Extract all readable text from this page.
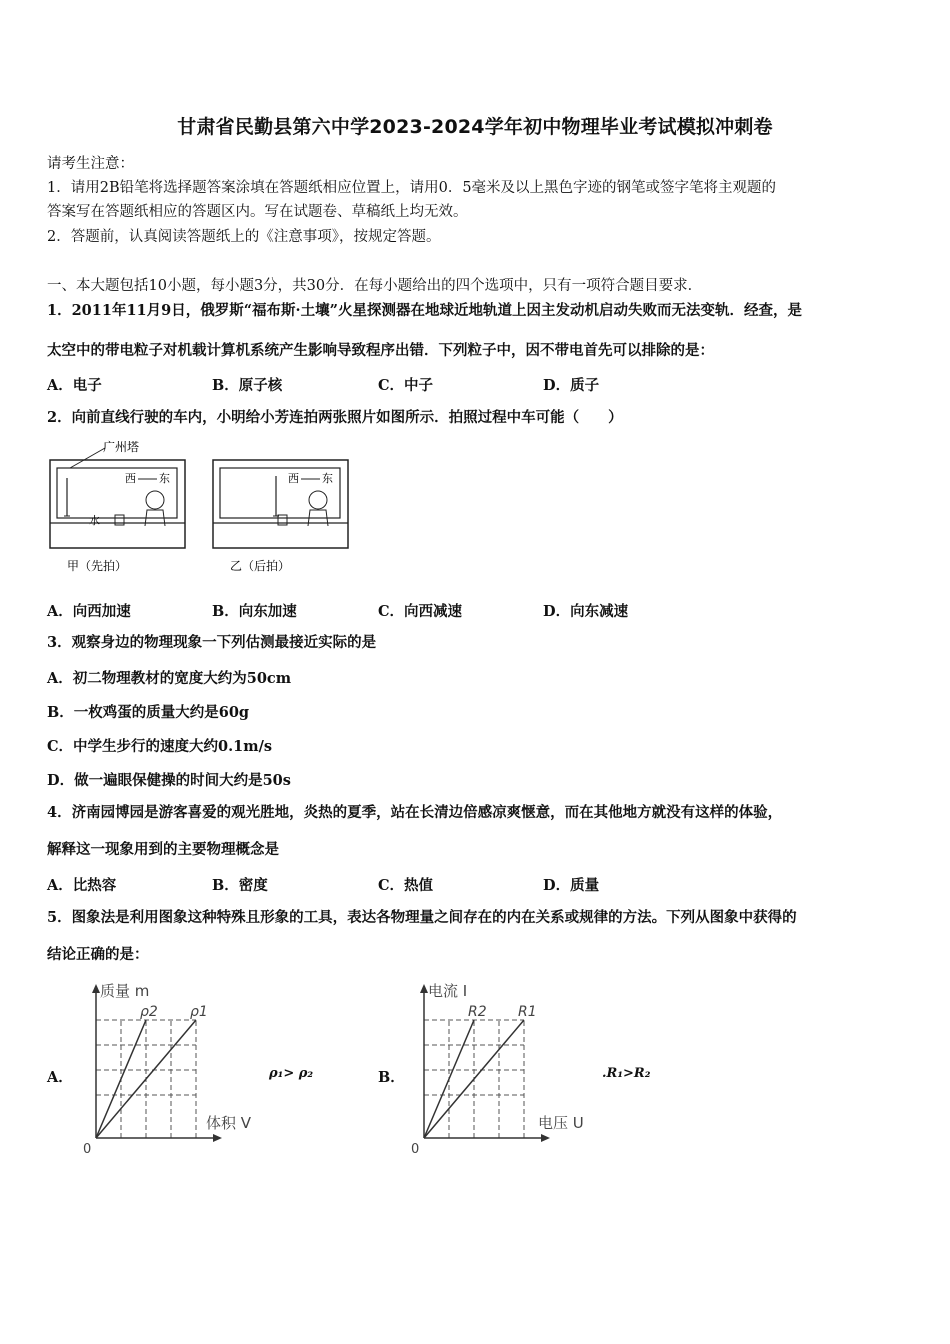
甘肃省民勤县第六中学2023-2024学年初中物理毕业考试模拟冲刺卷
请考生注意：
1．请用2B铅笔将选择题答案涂填在答题纸相应位置上，请用0．5毫米及以上黑色字迹的钢笔或签字笔将主观题的
答案写在答题纸相应的答题区内。写在试题卷、草稿纸上均无效。
2．答题前，认真阅读答题纸上的《注意事项》，按规定答题。
一、本大题包括10小题，每小题3分，共30分．在每小题给出的四个选项中，只有一项符合题目要求．
1．2011年11月9日，俄罗斯“福布斯·土壤”火星探测器在地球近地轨道上因主发动机启动失败而无法变轨．经查，是
太空中的带电粒子对机载计算机系统产生影响导致程序出错．下列粒子中，因不带电首先可以排除的是：
A．电子	B．原子核	C．中子	D．质子
2．向前直线行驶的车内，小明给小芳连拍两张照片如图所示．拍照过程中车可能（　　）
广州塔
西 东
水
甲（先拍）
西 东
乙（后拍）
A．向西加速	B．向东加速	C．向西减速	D．向东减速
3．观察身边的物理现象一下列估测最接近实际的是
A．初二物理教材的宽度大约为50cm
B．一枚鸡蛋的质量大约是60g
C．中学生步行的速度大约0.1m/s
D．做一遍眼保健操的时间大约是50s
4．济南园博园是游客喜爱的观光胜地，炎热的夏季，站在长清边倍感凉爽惬意，而在其他地方就没有这样的体验，
解释这一现象用到的主要物理概念是
A．比热容	B．密度	C．热值	D．质量
5．图象法是利用图象这种特殊且形象的工具，表达各物理量之间存在的内在关系或规律的方法。下列从图象中获得的
结论正确的是：
A．	ρ₁> ρ₂	B．	.R₁>R₂
质量 m
体积 V
0
ρ2 ρ1
电流 I
电压 U
0
R2 R1
